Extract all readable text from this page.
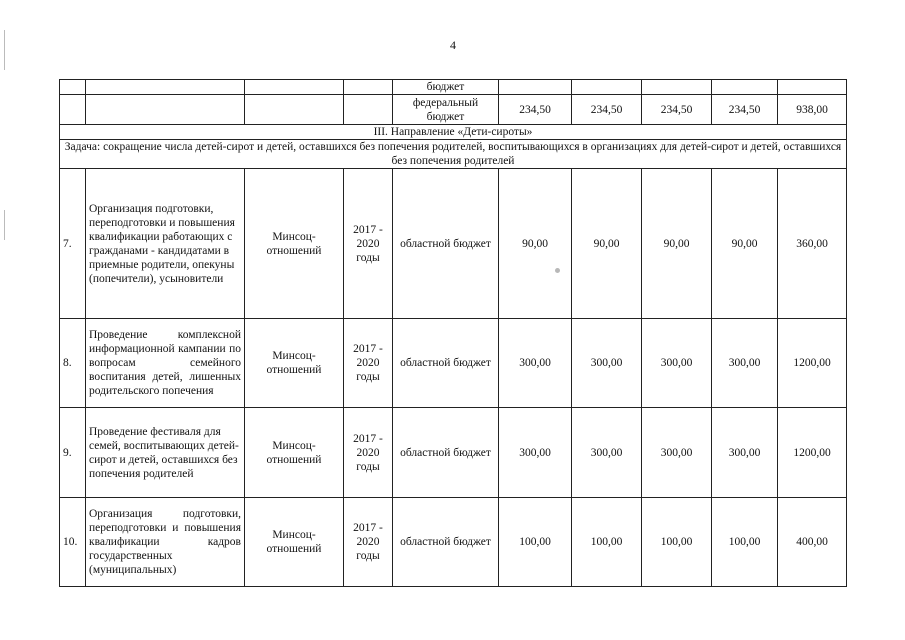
4
				бюджет					
				федеральный бюджет	234,50	234,50	234,50	234,50	938,00
III. Направление «Дети-сироты»									
Задача: сокращение числа детей-сирот и детей, оставшихся без попечения родителей, воспитывающихся в организациях для детей-сирот и детей, оставшихся без попечения родителей									
7.	Организация подготовки, переподготовки и повышения квалификации работающих с гражданами - кандидатами в приемные родители, опекуны (попечители), усыновители	Минсоц-отношений	2017 - 2020 годы	областной бюджет	90,00	90,00	90,00	90,00	360,00
8.	Проведение комплексной информационной кампании по вопросам семейного воспитания детей, лишенных родительского попечения	Минсоц-отношений	2017 - 2020 годы	областной бюджет	300,00	300,00	300,00	300,00	1200,00
9.	Проведение фестиваля для семей, воспитывающих детей-сирот и детей, оставшихся без попечения родителей	Минсоц-отношений	2017 - 2020 годы	областной бюджет	300,00	300,00	300,00	300,00	1200,00
10.	Организация подготовки, переподготовки и повышения квалификации кадров государственных (муниципальных)	Минсоц-отношений	2017 - 2020 годы	областной бюджет	100,00	100,00	100,00	100,00	400,00
